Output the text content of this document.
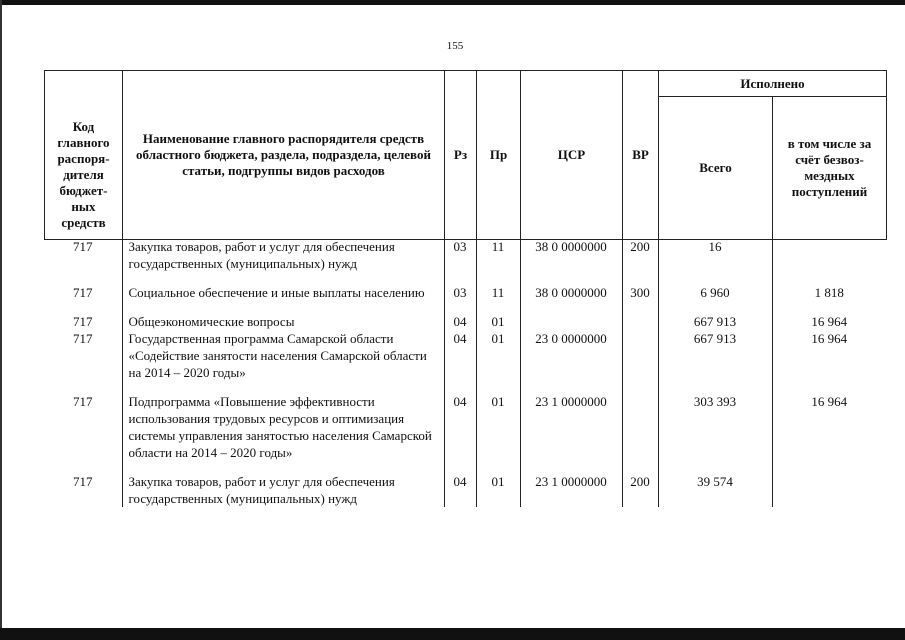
155
Код главного распоря-дителя бюджет-ных средств	Наименование главного распорядителя средств областного бюджета, раздела, подраздела, целевой статьи, подгруппы видов расходов	Рз	Пр	ЦСР	ВР	Исполнено	
						Всего	в том числе за счёт безвоз-мездных поступлений
717	Закупка товаров, работ и услуг для обеспечения государственных (муниципальных) нужд	03	11	38 0 0000000	200	16	
717	Социальное обеспечение и иные выплаты населению	03	11	38 0 0000000	300	6 960	1 818
717	Общеэкономические вопросы	04	01			667 913	16 964
717	Государственная программа Самарской области «Содействие занятости населения Самарской области на 2014 – 2020 годы»	04	01	23 0 0000000		667 913	16 964
717	Подпрограмма «Повышение эффективности использования трудовых ресурсов и оптимизация системы управления занятостью населения Самарской области на 2014 – 2020 годы»	04	01	23 1 0000000		303 393	16 964
717	Закупка товаров, работ и услуг для обеспечения государственных (муниципальных) нужд	04	01	23 1 0000000	200	39 574	
